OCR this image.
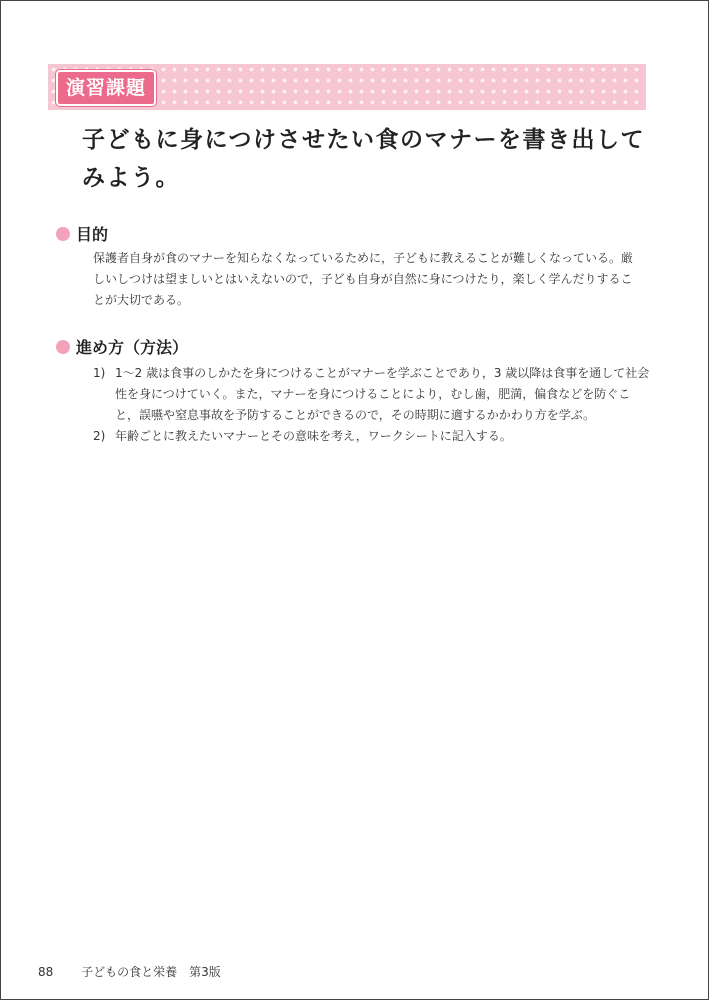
演習課題
子どもに身につけさせたい食のマナーを書き出してみよう。
目的

保護者自身が食のマナーを知らなくなっているために，子どもに教えることが難しくなっている。厳しいしつけは望ましいとはいえないので，子ども自身が自然に身につけたり，楽しく学んだりすることが大切である。

進め方（方法）
1) 1〜2 歳は食事のしかたを身につけることがマナーを学ぶことであり，3 歳以降は食事を通して社会性を身につけていく。また，マナーを身につけることにより，むし歯，肥満，偏食などを防ぐこと，誤嚥や窒息事故を予防することができるので，その時期に適するかかわり方を学ぶ。
2) 年齢ごとに教えたいマナーとその意味を考え，ワークシートに記入する。
88 子どもの食と栄養　第3版
